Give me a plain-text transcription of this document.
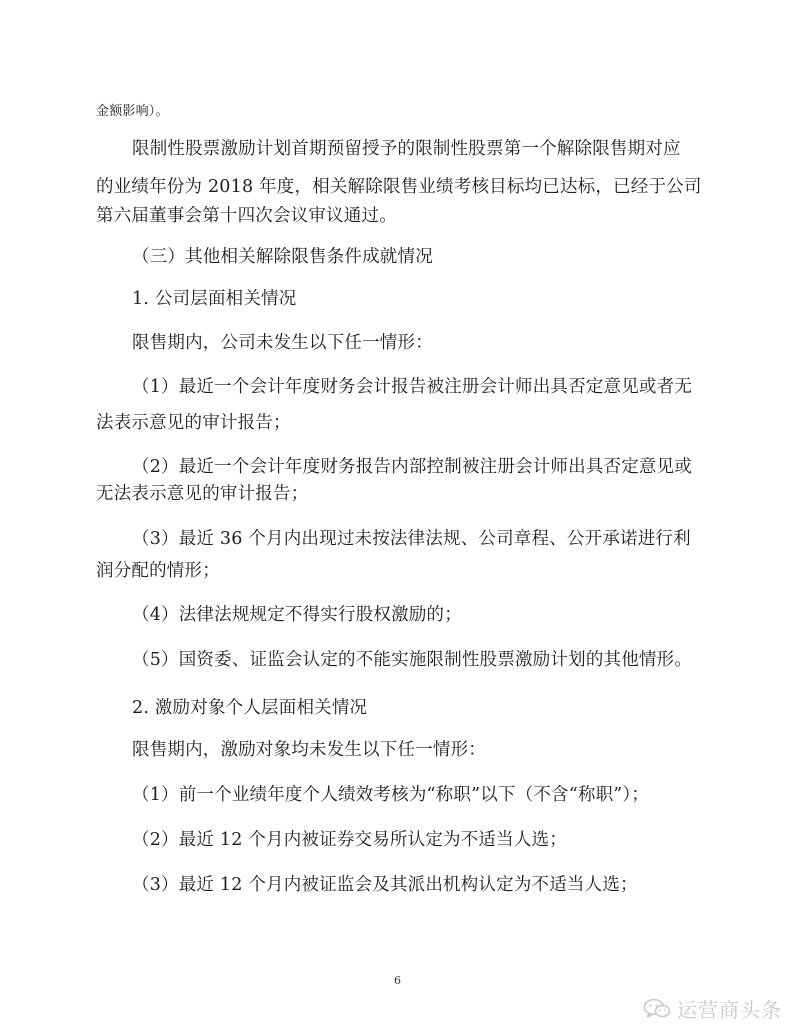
金额影响）。
限制性股票激励计划首期预留授予的限制性股票第一个解除限售期对应
的业绩年份为 2018 年度，相关解除限售业绩考核目标均已达标，已经于公司
第六届董事会第十四次会议审议通过。
（三）其他相关解除限售条件成就情况
1. 公司层面相关情况
限售期内，公司未发生以下任一情形：
（1）最近一个会计年度财务会计报告被注册会计师出具否定意见或者无
法表示意见的审计报告；
（2）最近一个会计年度财务报告内部控制被注册会计师出具否定意见或
无法表示意见的审计报告；
（3）最近 36 个月内出现过未按法律法规、公司章程、公开承诺进行利
润分配的情形；
（4）法律法规规定不得实行股权激励的；
（5）国资委、证监会认定的不能实施限制性股票激励计划的其他情形。
2. 激励对象个人层面相关情况
限售期内，激励对象均未发生以下任一情形：
（1）前一个业绩年度个人绩效考核为“称职”以下（不含“称职”）；
（2）最近 12 个月内被证券交易所认定为不适当人选；
（3）最近 12 个月内被证监会及其派出机构认定为不适当人选；
6
运营商头条
